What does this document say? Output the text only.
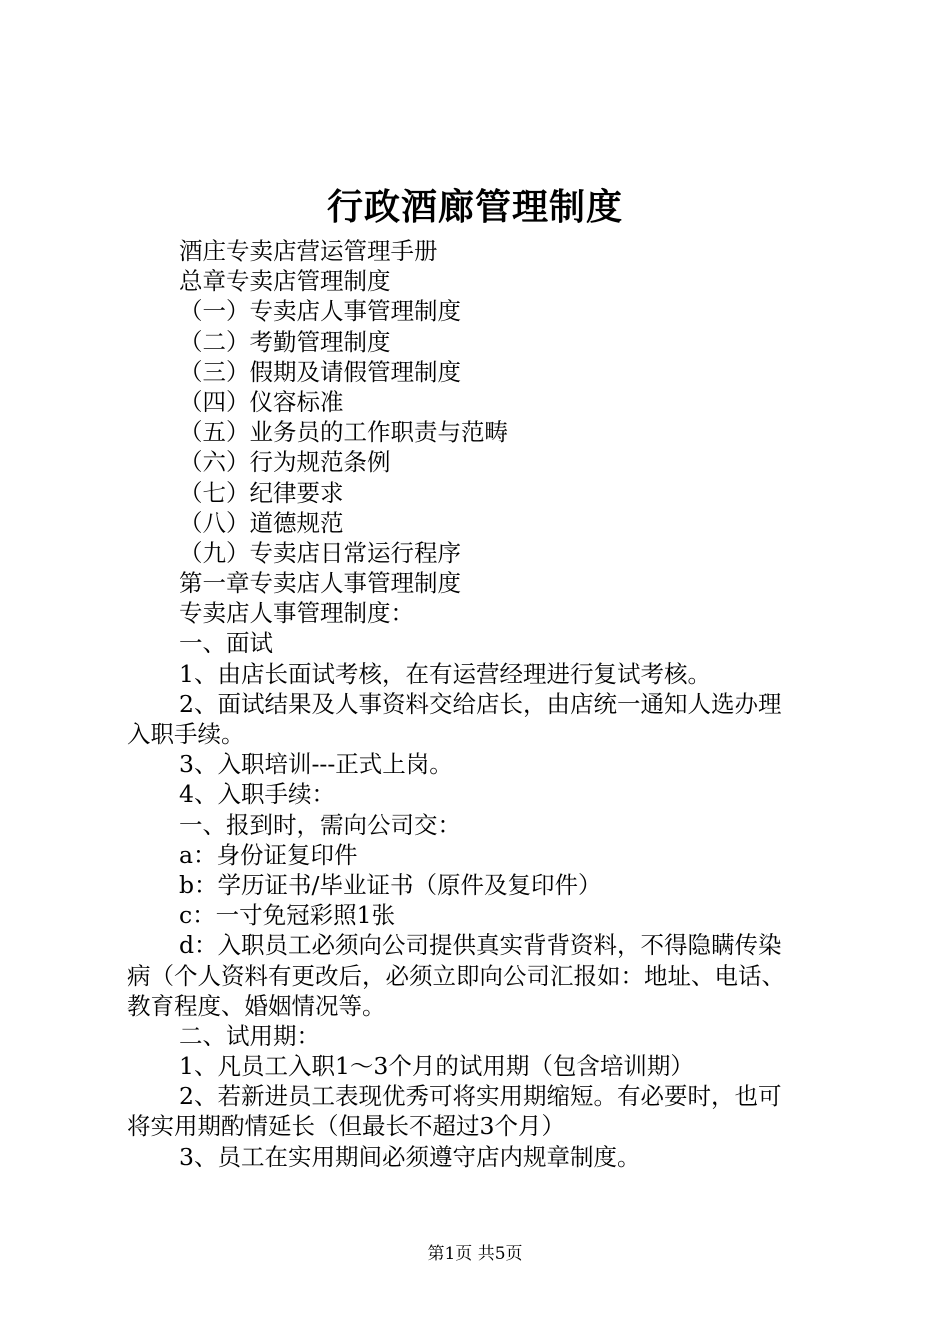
行政酒廊管理制度
酒庄专卖店营运管理手册
总章专卖店管理制度
（一）专卖店人事管理制度
（二）考勤管理制度
（三）假期及请假管理制度
（四）仪容标准
（五）业务员的工作职责与范畴
（六）行为规范条例
（七）纪律要求
（八）道德规范
（九）专卖店日常运行程序
第一章专卖店人事管理制度
专卖店人事管理制度：
一、面试
1、由店长面试考核，在有运营经理进行复试考核。
2、面试结果及人事资料交给店长，由店统一通知人选办理
入职手续。
3、入职培训---正式上岗。
4、入职手续：
一、报到时，需向公司交：
a：身份证复印件
b：学历证书/毕业证书（原件及复印件）
c：一寸免冠彩照1张
d：入职员工必须向公司提供真实背背资料，不得隐瞒传染
病（个人资料有更改后，必须立即向公司汇报如：地址、电话、
教育程度、婚姻情况等。
二、试用期：
1、凡员工入职1～3个月的试用期（包含培训期）
2、若新进员工表现优秀可将实用期缩短。有必要时，也可
将实用期酌情延长（但最长不超过3个月）
3、员工在实用期间必须遵守店内规章制度。
第1页 共5页
